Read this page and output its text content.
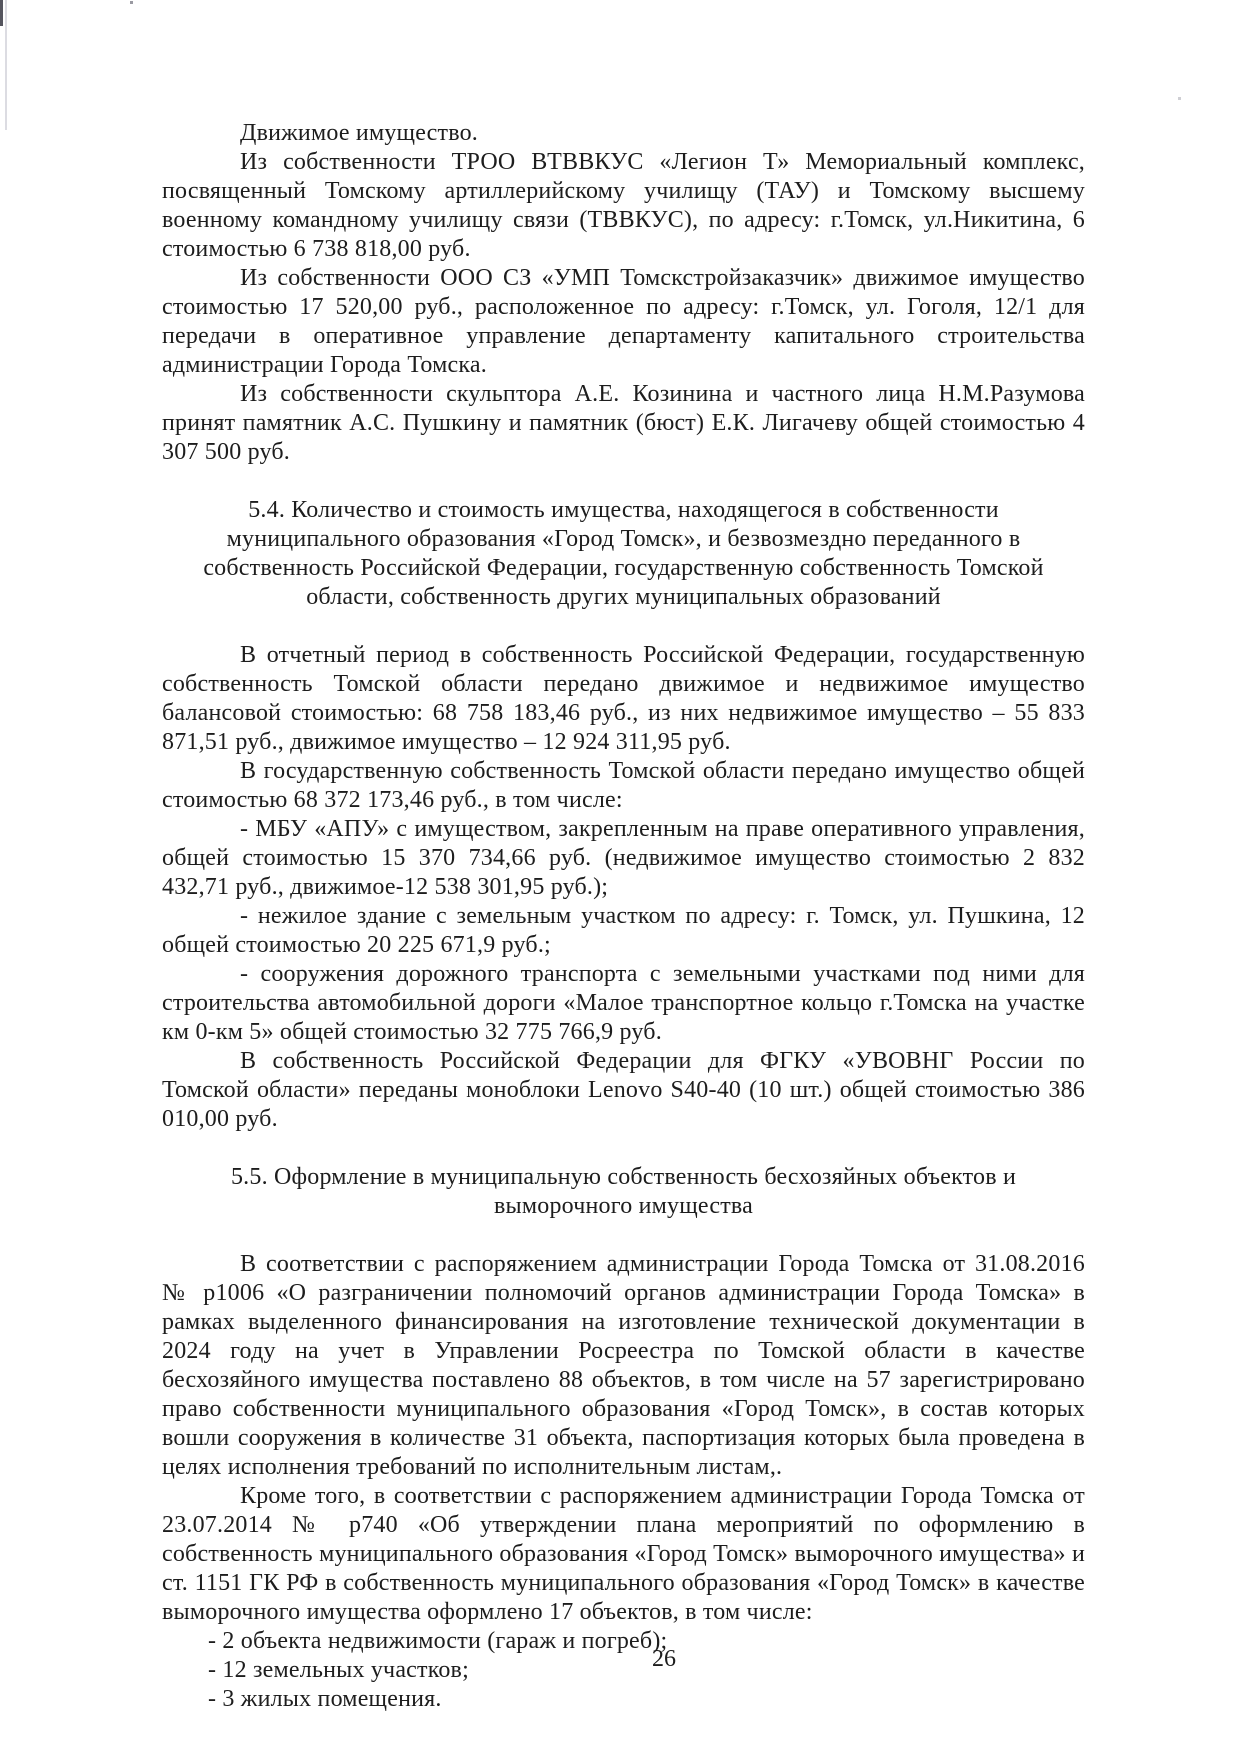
Движимое имущество.

Из собственности ТРОО ВТВВКУС «Легион Т» Мемориальный комплекс, посвященный Томскому артиллерийскому училищу (ТАУ) и Томскому высшему военному командному училищу связи (ТВВКУС), по адресу: г.Томск, ул.Никитина, 6 стоимостью 6 738 818,00 руб.

Из собственности ООО СЗ «УМП Томскстройзаказчик» движимое имущество стоимостью 17 520,00 руб., расположенное по адресу: г.Томск, ул. Гоголя, 12/1 для передачи в оперативное управление департаменту капитального строительства администрации Города Томска.

Из собственности скульптора А.Е. Козинина и частного лица Н.М.Разумова принят памятник А.С. Пушкину и памятник (бюст) Е.К. Лигачеву общей стоимостью 4 307 500 руб.

5.4. Количество и стоимость имущества, находящегося в собственности муниципального образования «Город Томск», и безвозмездно переданного в собственность Российской Федерации, государственную собственность Томской области, собственность других муниципальных образований

В отчетный период в собственность Российской Федерации, государственную собственность Томской области передано движимое и недвижимое имущество балансовой стоимостью: 68 758 183,46 руб., из них недвижимое имущество – 55 833 871,51 руб., движимое имущество – 12 924 311,95 руб.

В государственную собственность Томской области передано имущество общей стоимостью 68 372 173,46 руб., в том числе:

- МБУ «АПУ» с имуществом, закрепленным на праве оперативного управления, общей стоимостью 15 370 734,66 руб. (недвижимое имущество стоимостью 2 832 432,71 руб., движимое-12 538 301,95 руб.);

- нежилое здание с земельным участком по адресу: г. Томск, ул. Пушкина, 12 общей стоимостью 20 225 671,9 руб.;

- сооружения дорожного транспорта с земельными участками под ними для строительства автомобильной дороги «Малое транспортное кольцо г.Томска на участке км 0-км 5» общей стоимостью 32 775 766,9 руб.

В собственность Российской Федерации для ФГКУ «УВОВНГ России по Томской области» переданы моноблоки Lenovo S40-40 (10 шт.) общей стоимостью 386 010,00 руб.

5.5. Оформление в муниципальную собственность бесхозяйных объектов и выморочного имущества

В соответствии с распоряжением администрации Города Томска от 31.08.2016 № р1006 «О разграничении полномочий органов администрации Города Томска» в рамках выделенного финансирования на изготовление технической документации в 2024 году на учет в Управлении Росреестра по Томской области в качестве бесхозяйного имущества поставлено 88 объектов, в том числе на 57 зарегистрировано право собственности муниципального образования «Город Томск», в состав которых вошли сооружения в количестве 31 объекта, паспортизация которых была проведена в целях исполнения требований по исполнительным листам,.

Кроме того, в соответствии с распоряжением администрации Города Томска от 23.07.2014 № р740 «Об утверждении плана мероприятий по оформлению в собственность муниципального образования «Город Томск» выморочного имущества» и ст. 1151 ГК РФ в собственность муниципального образования «Город Томск» в качестве выморочного имущества оформлено 17 объектов, в том числе:

- 2 объекта недвижимости (гараж и погреб);

- 12 земельных участков;

- 3 жилых помещения.

26
